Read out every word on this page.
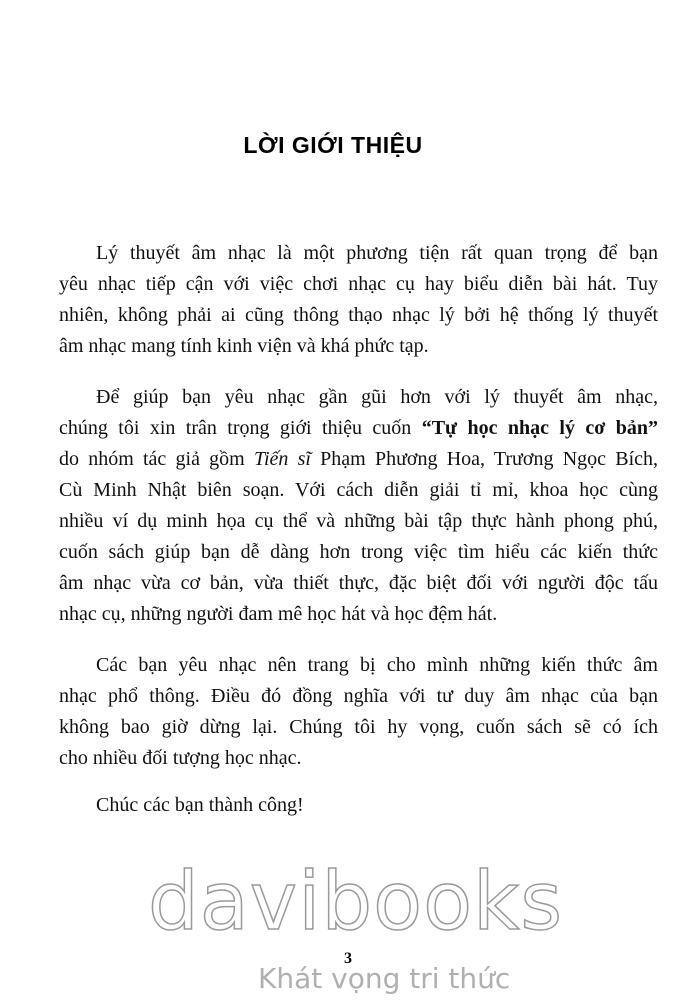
LỜI GIỚI THIỆU
Lý thuyết âm nhạc là một phương tiện rất quan trọng để bạn
yêu nhạc tiếp cận với việc chơi nhạc cụ hay biểu diễn bài hát. Tuy
nhiên, không phải ai cũng thông thạo nhạc lý bởi hệ thống lý thuyết
âm nhạc mang tính kinh viện và khá phức tạp.
Để giúp bạn yêu nhạc gần gũi hơn với lý thuyết âm nhạc,
chúng tôi xin trân trọng giới thiệu cuốn “Tự học nhạc lý cơ bản”
do nhóm tác giả gồm Tiến sĩ Phạm Phương Hoa, Trương Ngọc Bích,
Cù Minh Nhật biên soạn. Với cách diễn giải tỉ mỉ, khoa học cùng
nhiều ví dụ minh họa cụ thể và những bài tập thực hành phong phú,
cuốn sách giúp bạn dễ dàng hơn trong việc tìm hiểu các kiến thức
âm nhạc vừa cơ bản, vừa thiết thực, đặc biệt đối với người độc tấu
nhạc cụ, những người đam mê học hát và học đệm hát.
Các bạn yêu nhạc nên trang bị cho mình những kiến thức âm
nhạc phổ thông. Điều đó đồng nghĩa với tư duy âm nhạc của bạn
không bao giờ dừng lại. Chúng tôi hy vọng, cuốn sách sẽ có ích
cho nhiều đối tượng học nhạc.
Chúc các bạn thành công!
davibooks
Khát vọng tri thức
3
